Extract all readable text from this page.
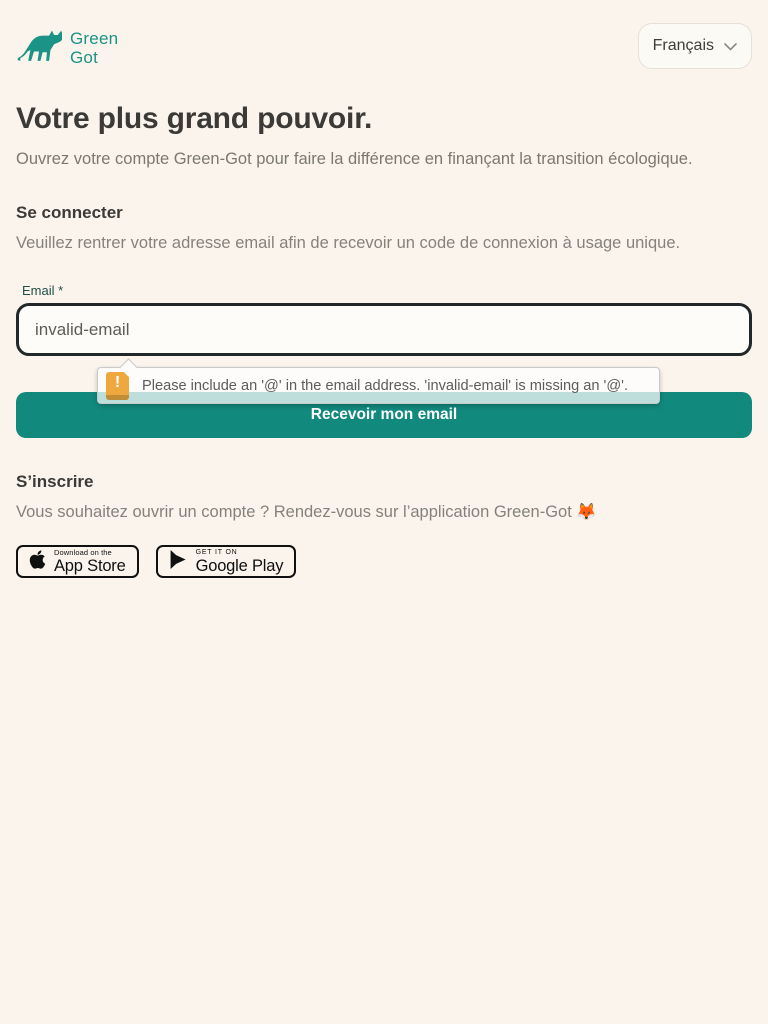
Green
Got
Français
Votre plus grand pouvoir.

Ouvrez votre compte Green-Got pour faire la différence en finançant la transition écologique.

Se connecter

Veuillez rentrer votre adresse email afin de recevoir un code de connexion à usage unique.

Email *
invalid-email
!	Please include an '@' in the email address. 'invalid-email' is missing an '@'.
Recevoir mon email
S’inscrire

Vous souhaitez ouvrir un compte ? Rendez-vous sur l’application Green-Got 🦊

Download on the
App Store
GET IT ON
Google Play
